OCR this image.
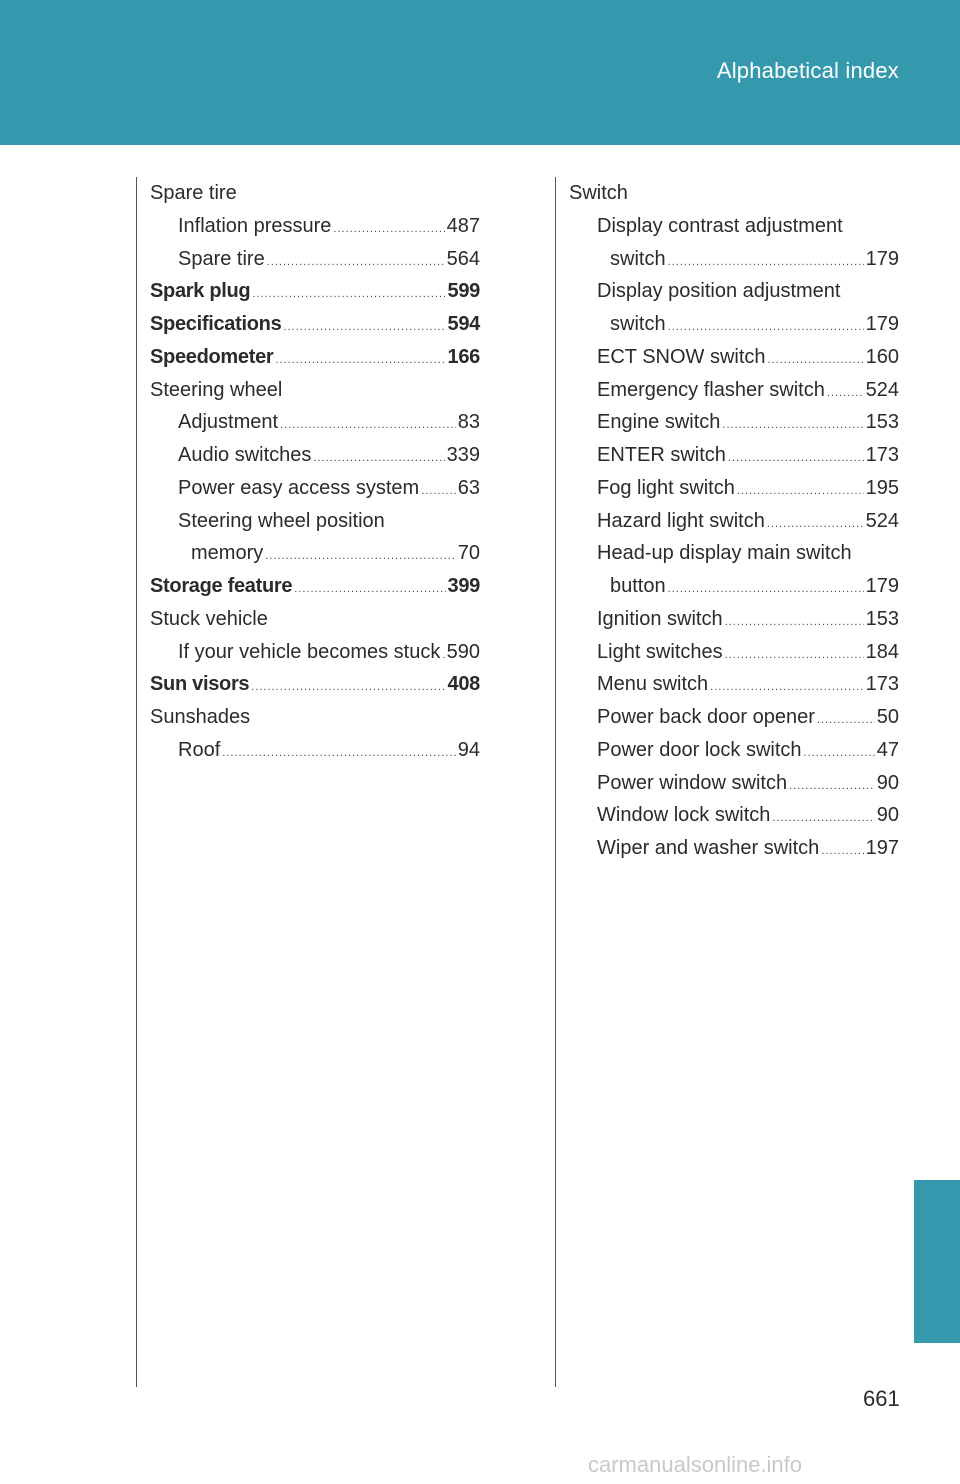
Alphabetical index
Spare tire
Inflation pressure .....	487
Spare tire .....	564
Spark plug .....	599
Specifications .....	594
Speedometer .....	166
Steering wheel
Adjustment .....	83
Audio switches .....	339
Power easy access system ..... 63
Steering wheel position
memory .....	70
Storage feature .....	399
Stuck vehicle
If your vehicle becomes stuck ..... 590
Sun visors .....	408
Sunshades
Roof .....	94
Switch
Display contrast adjustment
switch .....	179
Display position adjustment
switch .....	179
ECT SNOW switch .....	160
Emergency flasher switch ..... 524
Engine switch .....	153
ENTER switch .....	173
Fog light switch .....	195
Hazard light switch .....	524
Head-up display main switch
button .....	179
Ignition switch .....	153
Light switches .....	184
Menu switch .....	173
Power back door opener .....	50
Power door lock switch .....	47
Power window switch .....	90
Window lock switch .....	90
Wiper and washer switch ..... 197
661
carmanualsonline.info
